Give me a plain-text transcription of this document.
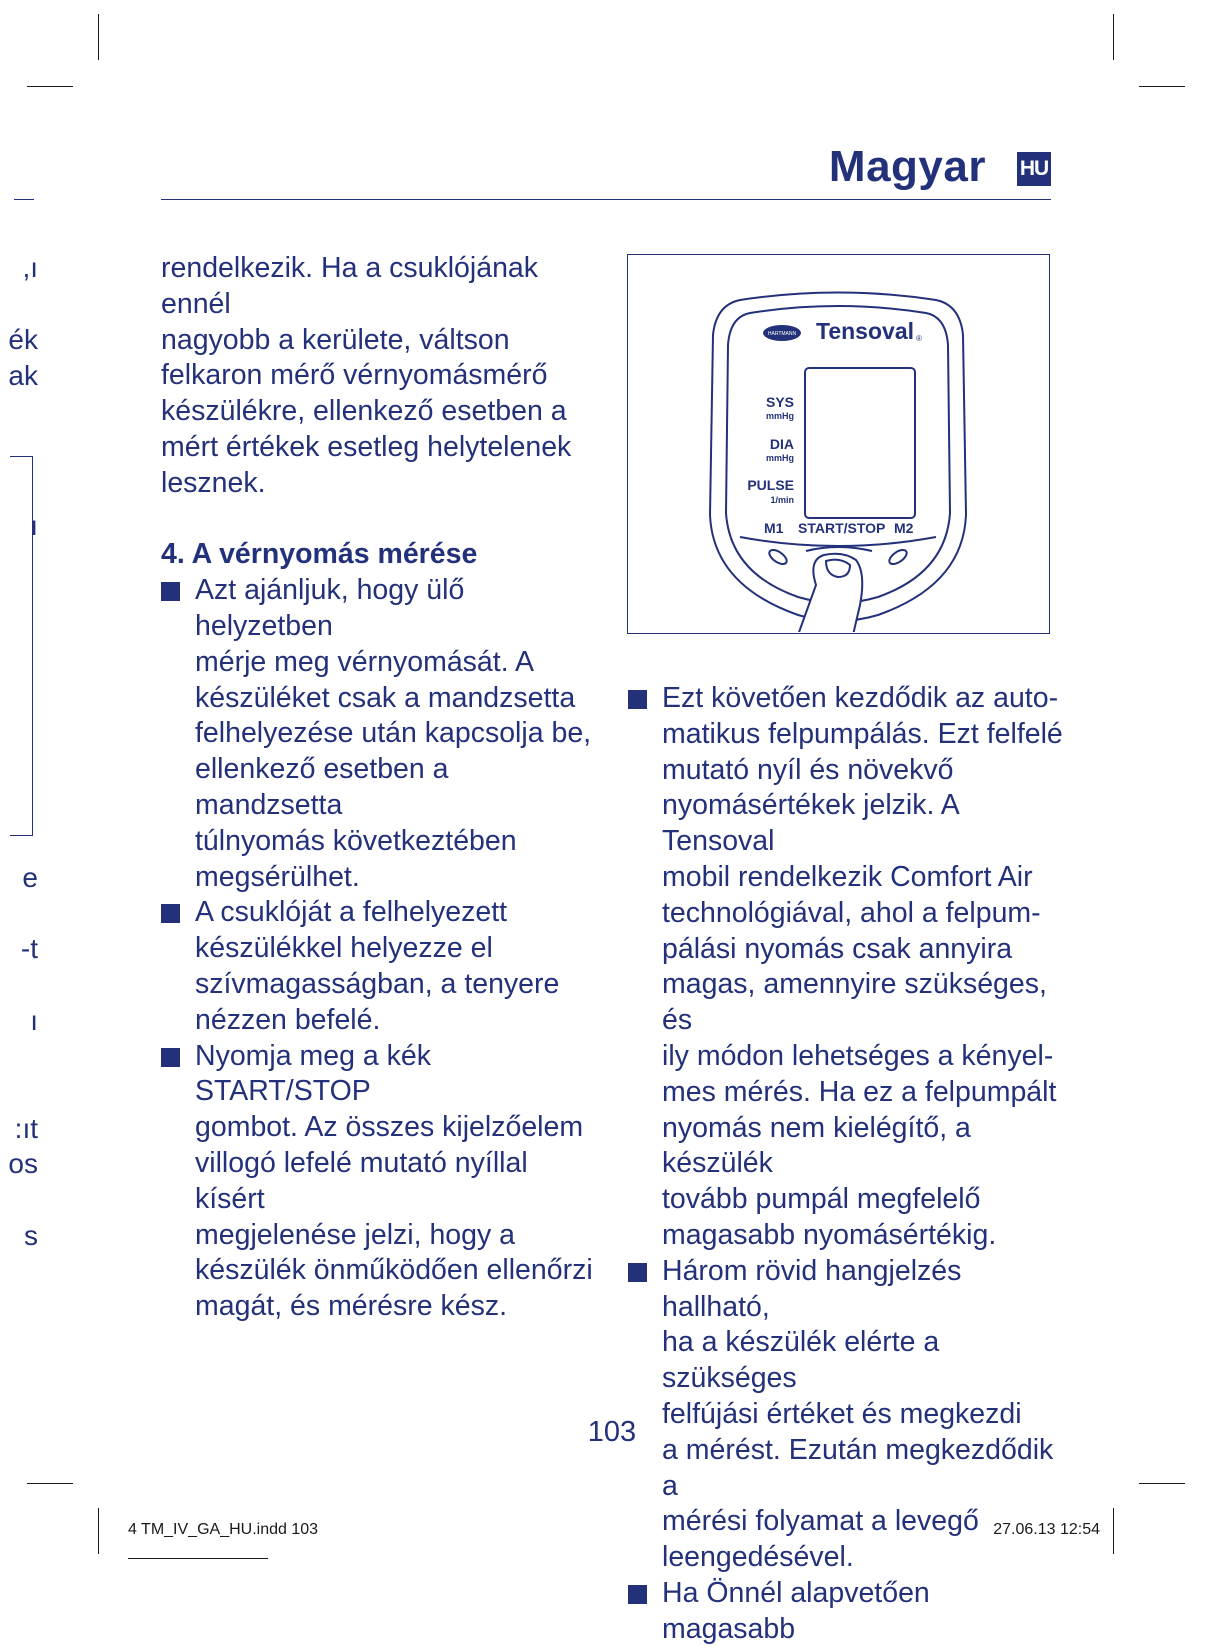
ı,
ék
ak
ı
e
t-
ı
ıt:
os
s
Magyar HU

rendelkezik. Ha a csuklójának ennél

nagyobb a kerülete, váltson

felkaron mérő vérnyomásmérő

készülékre, ellenkező esetben a

mért értékek esetleg helytelenek

lesznek.

4. A vérnyomás mérése

Azt ajánljuk, hogy ülő helyzetben

mérje meg vérnyomását. A

készüléket csak a mandzsetta

felhelyezése után kapcsolja be,

ellenkező esetben a mandzsetta

túlnyomás következtében

megsérülhet.

A csuklóját a felhelyezett

készülékkel helyezze el

szívmagasságban, a tenyere

nézzen befelé.

Nyomja meg a kék START/STOP

gombot. Az összes kijelzőelem

villogó lefelé mutató nyíllal kísért

megjelenése jelzi, hogy a

készülék önműködően ellenőrzi

magát, és mérésre kész.

HARTMANN Tensoval ®
SYS
mmHg
DIA
mmHg
PULSE
1/min
M1 START/STOP M2

Ezt követően kezdődik az auto-

matikus felpumpálás. Ezt felfelé

mutató nyíl és növekvő

nyomásértékek jelzik. A Tensoval

mobil rendelkezik Comfort Air

technológiával, ahol a felpum-

pálási nyomás csak annyira

magas, amennyire szükséges, és

ily módon lehetséges a kényel-

mes mérés. Ha ez a felpumpált

nyomás nem kielégítő, a készülék

tovább pumpál megfelelő

magasabb nyomásértékig.

Három rövid hangjelzés hallható,

ha a készülék elérte a szükséges

felfújási értéket és megkezdi

a mérést. Ezután megkezdődik a

mérési folyamat a levegő

leengedésével.

Ha Önnél alapvetően magasabb

103
4 TM_IV_GA_HU.indd 103	27.06.13 12:54
